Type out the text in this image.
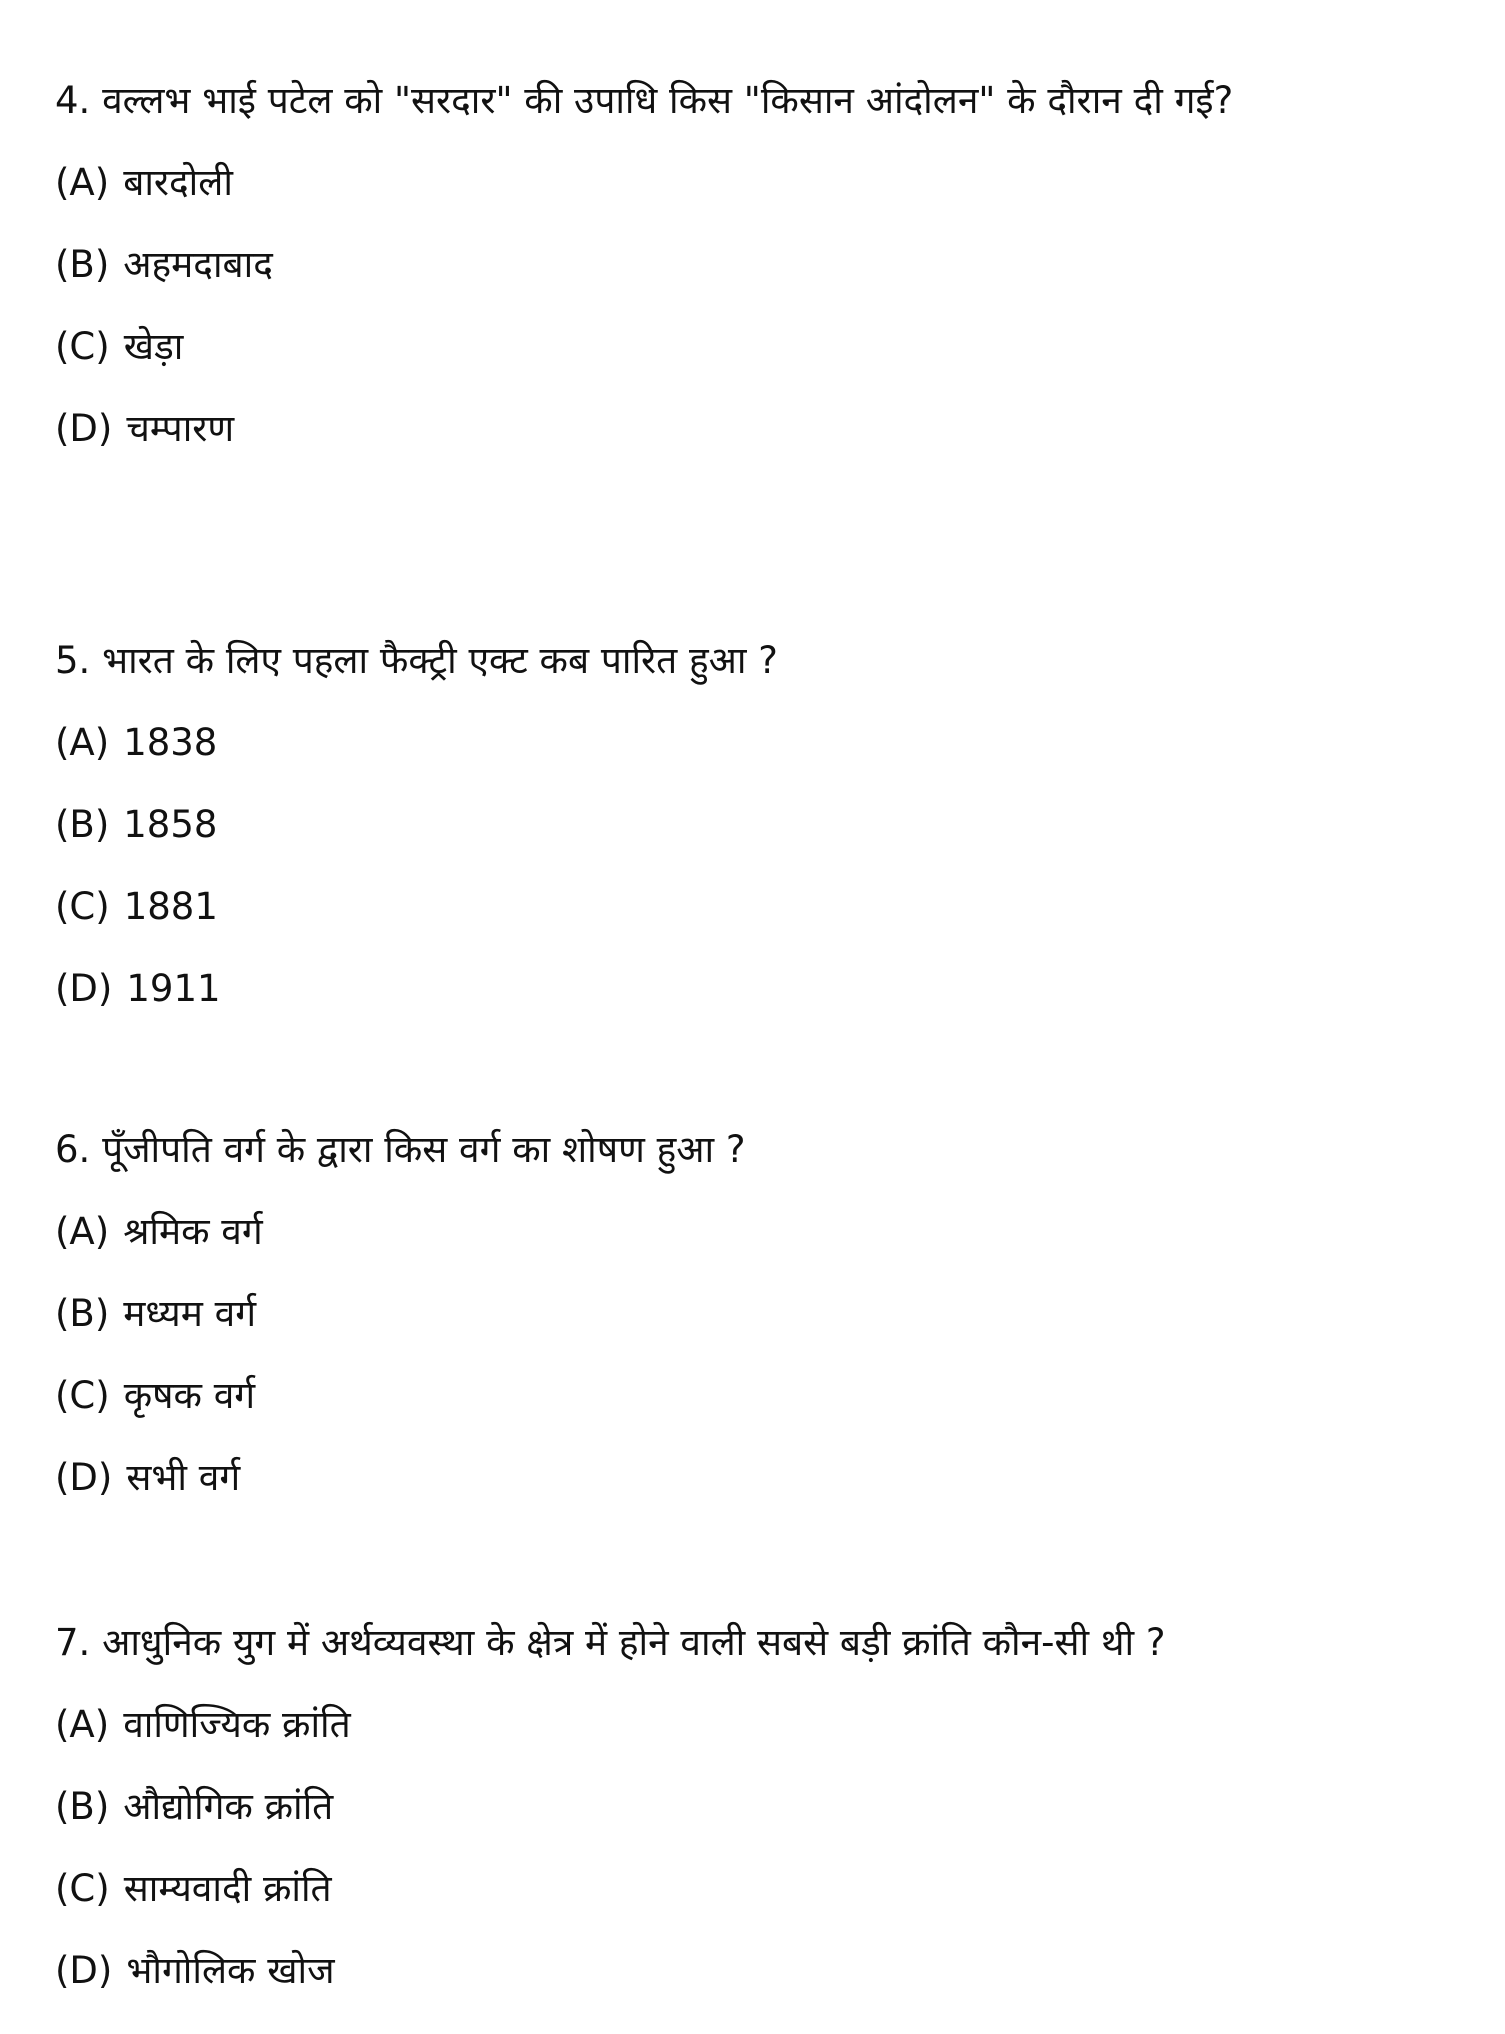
4. वल्लभ भाई पटेल को "सरदार" की उपाधि किस "किसान आंदोलन" के दौरान दी गई?
(A) बारदोली
(B) अहमदाबाद
(C) खेड़ा
(D) चम्पारण
5. भारत के लिए पहला फैक्ट्री एक्ट कब पारित हुआ ?
(A) 1838
(B) 1858
(C) 1881
(D) 1911
6. पूँजीपति वर्ग के द्वारा किस वर्ग का शोषण हुआ ?
(A) श्रमिक वर्ग
(B) मध्यम वर्ग
(C) कृषक वर्ग
(D) सभी वर्ग
7. आधुनिक युग में अर्थव्यवस्था के क्षेत्र में होने वाली सबसे बड़ी क्रांति कौन-सी थी ?
(A) वाणिज्यिक क्रांति
(B) औद्योगिक क्रांति
(C) साम्यवादी क्रांति
(D) भौगोलिक खोज
